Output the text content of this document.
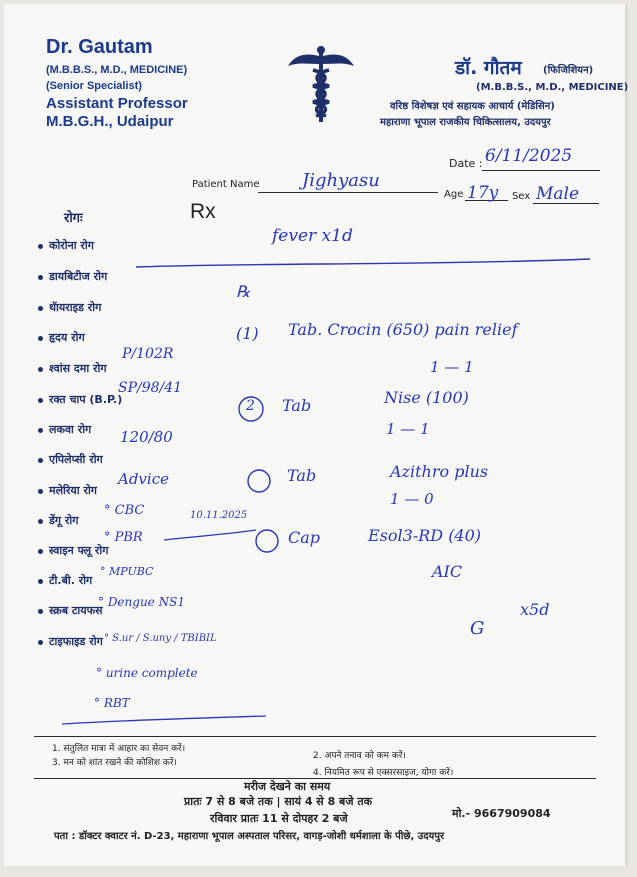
Dr. Gautam
(M.B.B.S., M.D., MEDICINE)
(Senior Specialist)
Assistant Professor
M.B.G.H., Udaipur
डॉ. गौतम (फिजिशियन)
(M.B.B.S., M.D., MEDICINE)
वरिष्ठ विशेषज्ञ एवं सहायक आचार्य (मेडिसिन)
महाराणा भूपाल राजकीय चिकित्सालय, उदयपुर
Date : 6/11/2025
Patient Name Jighyasu
Age 17y Sex Male
Rx
रोगः
कोरोना रोग
डायबिटीज रोग
थॅायराइड रोग
हृदय रोग
श्वांस दमा रोग
रक्त चाप (B.P.)
लकवा रोग
एपिलेप्सी रोग
मलेरिया रोग
डेंगू रोग
स्वाइन फ्लू रोग
टी.बी. रोग
स्क्रब टायफस
टाइफाइड रोग
fever x1d
℞
P/102R
SP/98/41
120/80
Advice
10.11.2025
° CBC
° PBR
° MPUBC
° Dengue NS1
° S.ur / S.uny / TBIBIL
° urine complete
° RBT
(1) Tab. Crocin (650) pain relief
1 — 1
2 Tab	Nise (100)
1 — 1
Tab	Azithro plus
1 — 0
Cap	Esol3-RD (40)
AIC
x5d
G
1. संतुलित मात्रा में आहार का सेवन करें।
2. अपने तनाव को कम करें।
3. मन को शांत रखने की कोशिश करें।
4. नियमित रूप से एक्सरसाइज, योगा करें।
मरीज देखने का समय
प्रातः 7 से 8 बजे तक | सायं 4 से 8 बजे तक
रविवार प्रातः 11 से दोपहर 2 बजे	मो.- 9667909084
पता : डॉक्टर क्वाटर नं. D-23, महाराणा भूपाल अस्पताल परिसर, वागड़-जोशी धर्मशाला के पीछे, उदयपुर
